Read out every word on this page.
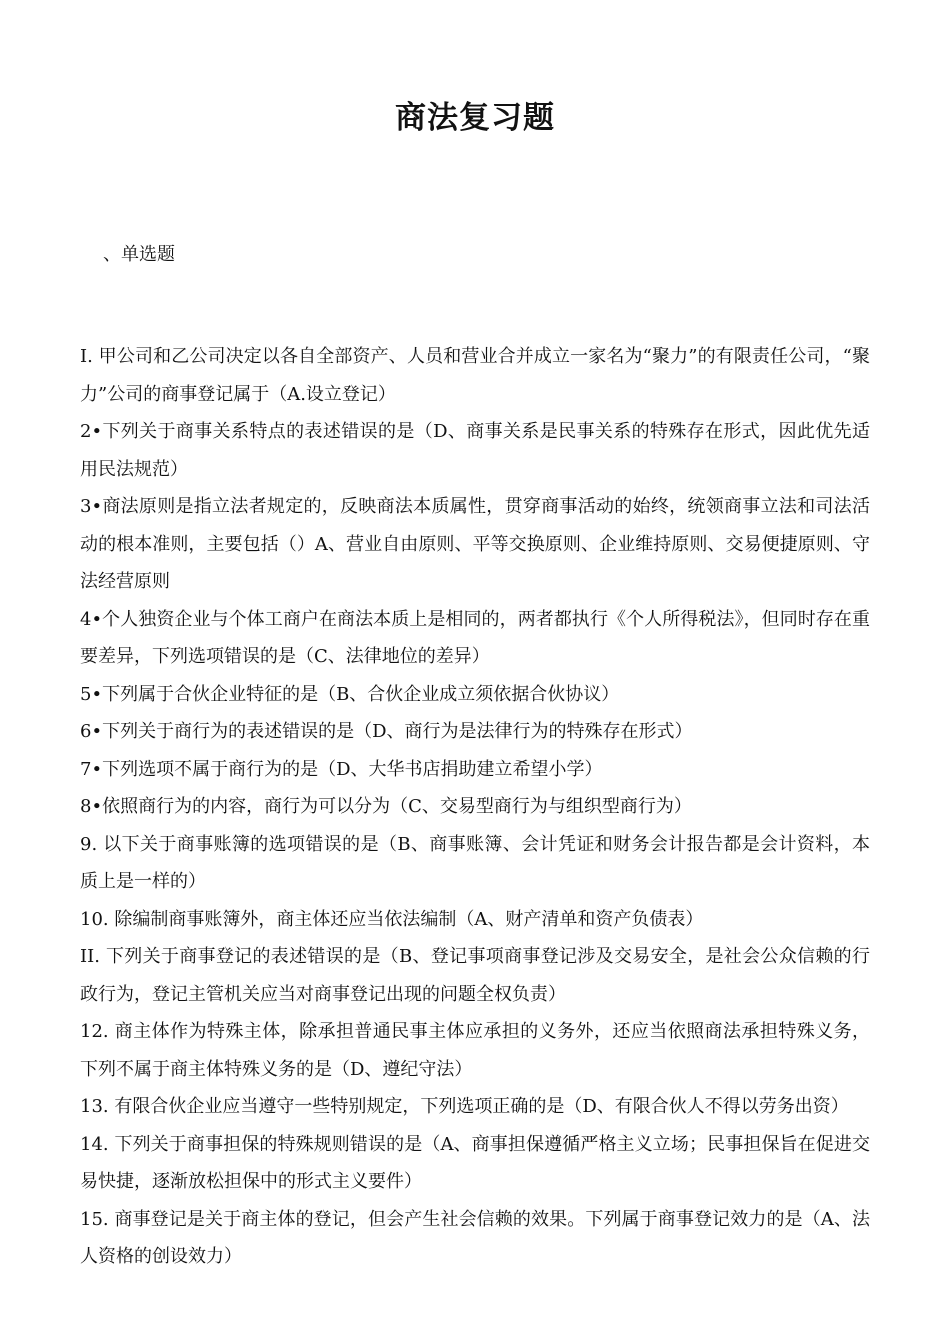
商法复习题
、单选题
I. 甲公司和乙公司决定以各自全部资产、人员和营业合并成立一家名为“聚力”的有限责任公司，“聚力”公司的商事登记属于（A.设立登记）
2•下列关于商事关系特点的表述错误的是（D、商事关系是民事关系的特殊存在形式，因此优先适用民法规范）
3•商法原则是指立法者规定的，反映商法本质属性，贯穿商事活动的始终，统领商事立法和司法活动的根本准则，主要包括（）A、营业自由原则、平等交换原则、企业维持原则、交易便捷原则、守法经营原则
4•个人独资企业与个体工商户在商法本质上是相同的，两者都执行《个人所得税法》，但同时存在重要差异，下列选项错误的是（C、法律地位的差异）
5•下列属于合伙企业特征的是（B、合伙企业成立须依据合伙协议）
6•下列关于商行为的表述错误的是（D、商行为是法律行为的特殊存在形式）
7•下列选项不属于商行为的是（D、大华书店捐助建立希望小学）
8•依照商行为的内容，商行为可以分为（C、交易型商行为与组织型商行为）
9. 以下关于商事账簿的选项错误的是（B、商事账簿、会计凭证和财务会计报告都是会计资料，本质上是一样的）
10. 除编制商事账簿外，商主体还应当依法编制（A、财产清单和资产负债表）
II. 下列关于商事登记的表述错误的是（B、登记事项商事登记涉及交易安全，是社会公众信赖的行政行为，登记主管机关应当对商事登记出现的问题全权负责）
12. 商主体作为特殊主体，除承担普通民事主体应承担的义务外，还应当依照商法承担特殊义务，下列不属于商主体特殊义务的是（D、遵纪守法）
13. 有限合伙企业应当遵守一些特别规定，下列选项正确的是（D、有限合伙人不得以劳务出资）
14. 下列关于商事担保的特殊规则错误的是（A、商事担保遵循严格主义立场；民事担保旨在促进交易快捷，逐渐放松担保中的形式主义要件）
15. 商事登记是关于商主体的登记，但会产生社会信赖的效果。下列属于商事登记效力的是（A、法人资格的创设效力）
